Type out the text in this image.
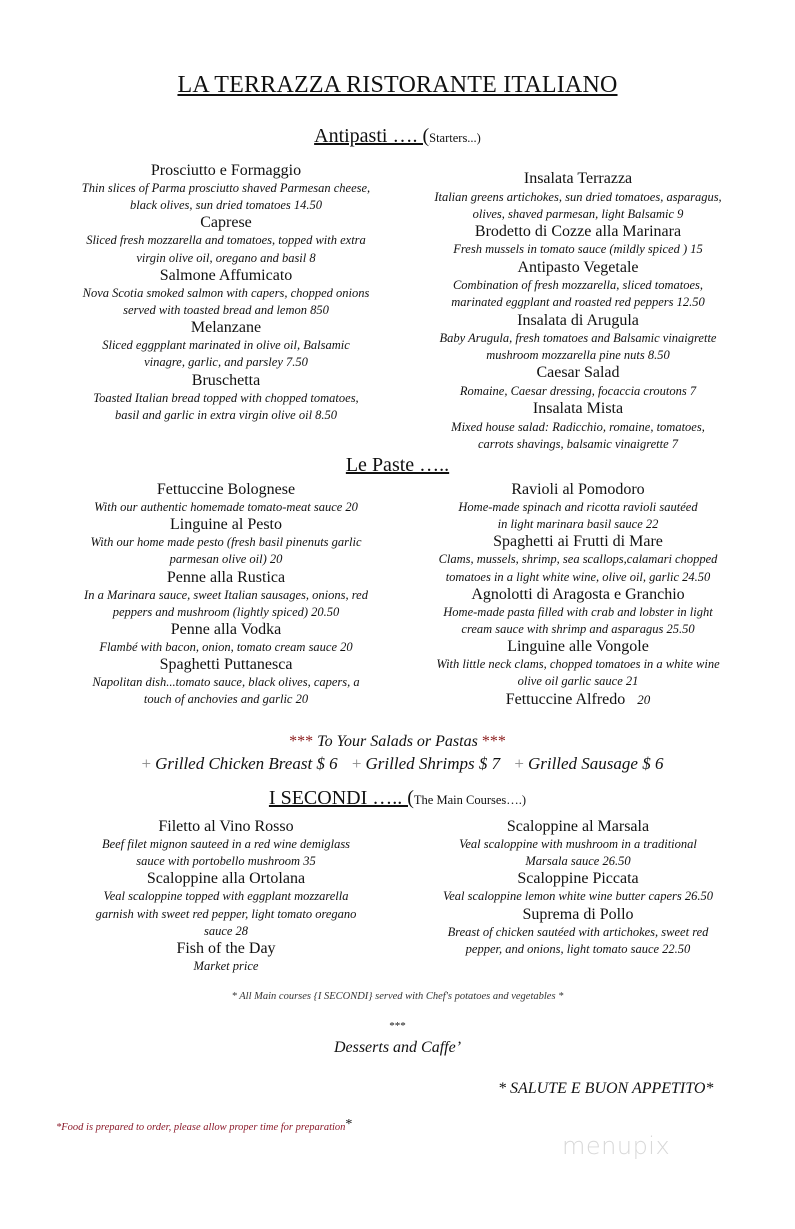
LA TERRAZZA RISTORANTE ITALIANO
Antipasti …. (Starters...)
Prosciutto e Formaggio
Thin slices of Parma prosciutto shaved Parmesan cheese,
black olives, sun dried tomatoes 14.50
Caprese
Sliced fresh mozzarella and tomatoes, topped with extra
virgin olive oil, oregano and basil 8
Salmone Affumicato
Nova Scotia smoked salmon with capers, chopped onions
served with toasted bread and lemon 850
Melanzane
Sliced eggpplant marinated in olive oil, Balsamic
vinagre, garlic, and parsley 7.50
Bruschetta
Toasted Italian bread topped with chopped tomatoes,
basil and garlic in extra virgin olive oil 8.50
Insalata Terrazza
Italian greens artichokes, sun dried tomatoes, asparagus,
olives, shaved parmesan, light Balsamic 9
Brodetto di Cozze alla Marinara
Fresh mussels in tomato sauce (mildly spiced ) 15
Antipasto Vegetale
Combination of fresh mozzarella, sliced tomatoes,
marinated eggplant and roasted red peppers 12.50
Insalata di Arugula
Baby Arugula, fresh tomatoes and Balsamic vinaigrette
mushroom mozzarella pine nuts 8.50
Caesar Salad
Romaine, Caesar dressing, focaccia croutons 7
Insalata Mista
Mixed house salad: Radicchio, romaine, tomatoes,
carrots shavings, balsamic vinaigrette 7
Le Paste …..
Fettuccine Bolognese
With our authentic homemade tomato-meat sauce 20
Linguine al Pesto
With our home made pesto (fresh basil pinenuts garlic
parmesan olive oil) 20
Penne alla Rustica
In a Marinara sauce, sweet Italian sausages, onions, red
peppers and mushroom (lightly spiced) 20.50
Penne alla Vodka
Flambé with bacon, onion, tomato cream sauce 20
Spaghetti Puttanesca
Napolitan dish...tomato sauce, black olives, capers, a
touch of anchovies and garlic 20
Ravioli al Pomodoro
Home-made spinach and ricotta ravioli sautéed
in light marinara basil sauce 22
Spaghetti ai Frutti di Mare
Clams, mussels, shrimp, sea scallops,calamari chopped
tomatoes in a light white wine, olive oil, garlic 24.50
Agnolotti di Aragosta e Granchio
Home-made pasta filled with crab and lobster in light
cream sauce with shrimp and asparagus 25.50
Linguine alle Vongole
With little neck clams, chopped tomatoes in a white wine
olive oil garlic sauce 21
Fettuccine Alfredo 20
*** To Your Salads or Pastas ***
+ Grilled Chicken Breast $ 6 + Grilled Shrimps $ 7 + Grilled Sausage $ 6
I SECONDI ….. (The Main Courses….)
Filetto al Vino Rosso
Beef filet mignon sauteed in a red wine demiglass
sauce with portobello mushroom 35
Scaloppine alla Ortolana
Veal scaloppine topped with eggplant mozzarella
garnish with sweet red pepper, light tomato oregano
sauce 28
Fish of the Day
Market price
Scaloppine al Marsala
Veal scaloppine with mushroom in a traditional
Marsala sauce 26.50
Scaloppine Piccata
Veal scaloppine lemon white wine butter capers 26.50
Suprema di Pollo
Breast of chicken sautéed with artichokes, sweet red
pepper, and onions, light tomato sauce 22.50
* All Main courses {I SECONDI} served with Chef's potatoes and vegetables *
***
Desserts and Caffe’
* SALUTE E BUON APPETITO*
*Food is prepared to order, please allow proper time for preparation*
menupix
